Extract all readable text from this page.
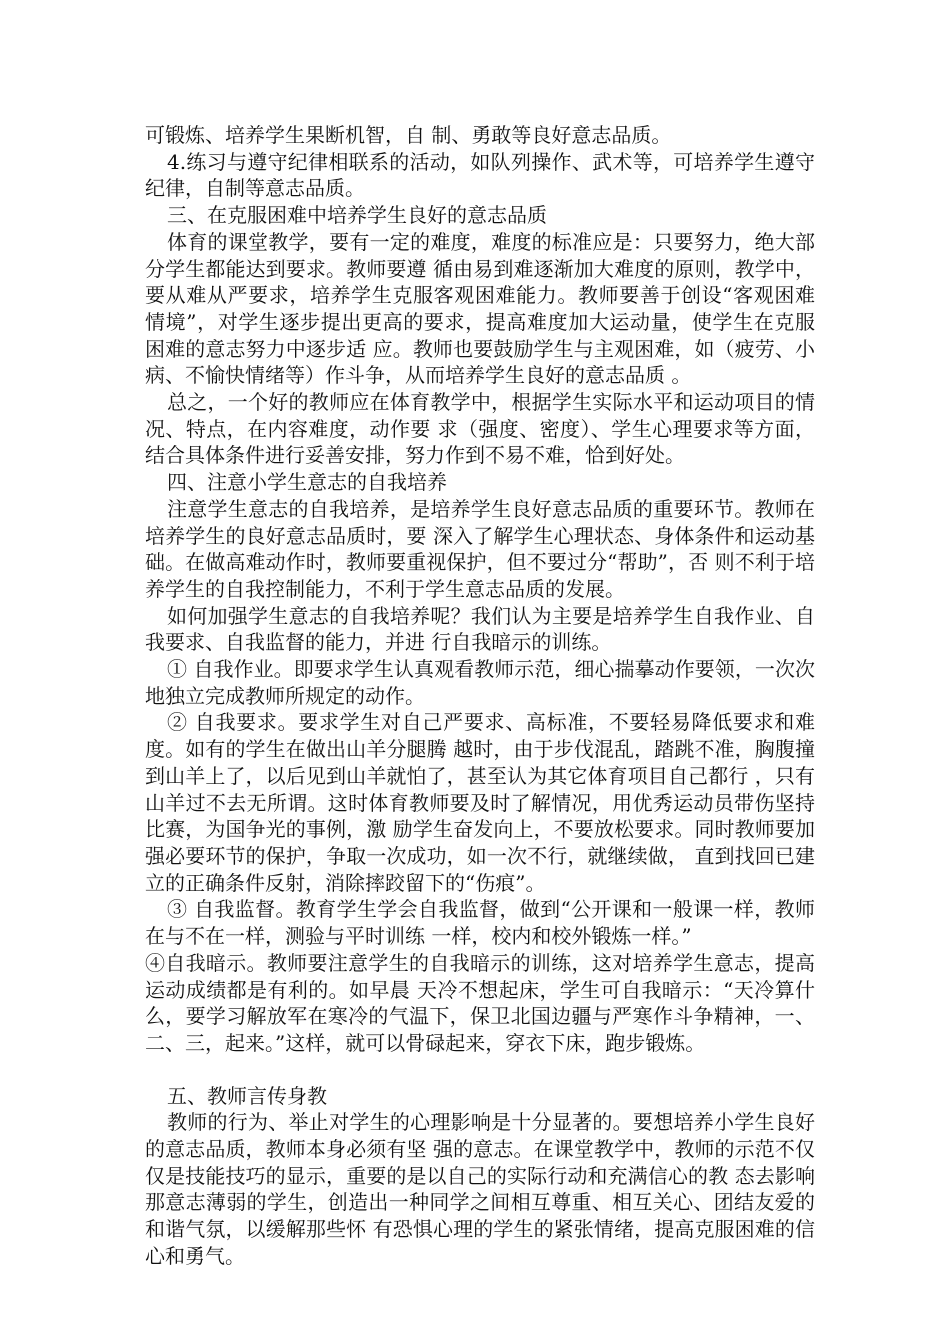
可锻炼、培养学生果断机智，自 制、勇敢等良好意志品质。

4.练习与遵守纪律相联系的活动，如队列操作、武术等，可培养学生遵守纪律，自制等意志品质。

三、在克服困难中培养学生良好的意志品质

体育的课堂教学，要有一定的难度，难度的标准应是：只要努力，绝大部分学生都能达到要求。教师要遵 循由易到难逐渐加大难度的原则，教学中，要从难从严要求，培养学生克服客观困难能力。教师要善于创设“客观困难情境”，对学生逐步提出更高的要求，提高难度加大运动量，使学生在克服困难的意志努力中逐步适 应。教师也要鼓励学生与主观困难，如（疲劳、小病、不愉快情绪等）作斗争，从而培养学生良好的意志品质 。

总之，一个好的教师应在体育教学中，根据学生实际水平和运动项目的情况、特点，在内容难度，动作要 求（强度、密度）、学生心理要求等方面，结合具体条件进行妥善安排，努力作到不易不难，恰到好处。

四、注意小学生意志的自我培养

注意学生意志的自我培养，是培养学生良好意志品质的重要环节。教师在培养学生的良好意志品质时，要 深入了解学生心理状态、身体条件和运动基础。在做高难动作时，教师要重视保护，但不要过分“帮助”，否 则不利于培养学生的自我控制能力，不利于学生意志品质的发展。

如何加强学生意志的自我培养呢？我们认为主要是培养学生自我作业、自我要求、自我监督的能力，并进 行自我暗示的训练。

① 自我作业。即要求学生认真观看教师示范，细心揣摹动作要领，一次次地独立完成教师所规定的动作。

② 自我要求。要求学生对自己严要求、高标准，不要轻易降低要求和难度。如有的学生在做出山羊分腿腾 越时，由于步伐混乱，踏跳不准，胸腹撞到山羊上了，以后见到山羊就怕了，甚至认为其它体育项目自己都行 ，只有山羊过不去无所谓。这时体育教师要及时了解情况，用优秀运动员带伤坚持比赛，为国争光的事例，激 励学生奋发向上，不要放松要求。同时教师要加强必要环节的保护，争取一次成功，如一次不行，就继续做， 直到找回已建立的正确条件反射，消除摔跤留下的“伤痕”。

③ 自我监督。教育学生学会自我监督，做到“公开课和一般课一样，教师在与不在一样，测验与平时训练 一样，校内和校外锻炼一样。”

④自我暗示。教师要注意学生的自我暗示的训练，这对培养学生意志，提高运动成绩都是有利的。如早晨 天冷不想起床，学生可自我暗示：“天冷算什么，要学习解放军在寒冷的气温下，保卫北国边疆与严寒作斗争精神，一、二、三，起来。”这样，就可以骨碌起来，穿衣下床，跑步锻炼。

五、教师言传身教

教师的行为、举止对学生的心理影响是十分显著的。要想培养小学生良好的意志品质，教师本身必须有坚 强的意志。在课堂教学中，教师的示范不仅仅是技能技巧的显示，重要的是以自己的实际行动和充满信心的教 态去影响那意志薄弱的学生，创造出一种同学之间相互尊重、相互关心、团结友爱的和谐气氛，以缓解那些怀 有恐惧心理的学生的紧张情绪，提高克服困难的信心和勇气。
